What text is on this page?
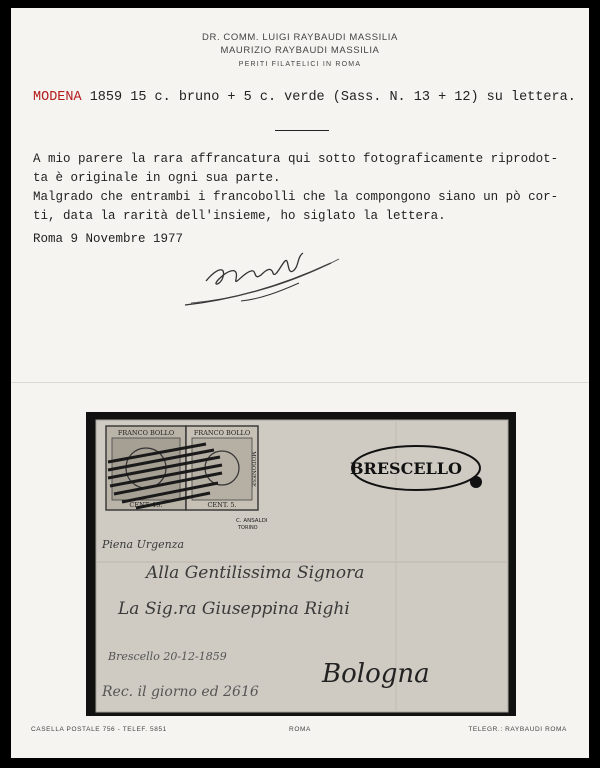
DR. COMM. LUIGI RAYBAUDI MASSILIA
MAURIZIO RAYBAUDI MASSILIA
PERITI FILATELICI IN ROMA
MODENA 1859 15 c. bruno + 5 c. verde (Sass. N. 13 + 12) su lettera.
A mio parere la rara affrancatura qui sotto fotograficamente riprodot-
ta è originale in ogni sua parte.
Malgrado che entrambi i francobolli che la compongono siano un pò cor-
ti, data la rarità dell'insieme, ho siglato la lettera.
Roma 9 Novembre 1977
FRANCO BOLLO
CENT. 15.
FRANCO BOLLO
CENT. 5.
MODONESE
C. ANSALDI
TORINO
BRESCELLO
Piena Urgenza
Alla Gentilissima Signora
La Sig.ra Giuseppina Righi
Brescello 20-12-1859
Bologna
Rec. il giorno ed 2616
CASELLA POSTALE 756 - TELEF. 5851	ROMA	TELEGR.: RAYBAUDI ROMA
